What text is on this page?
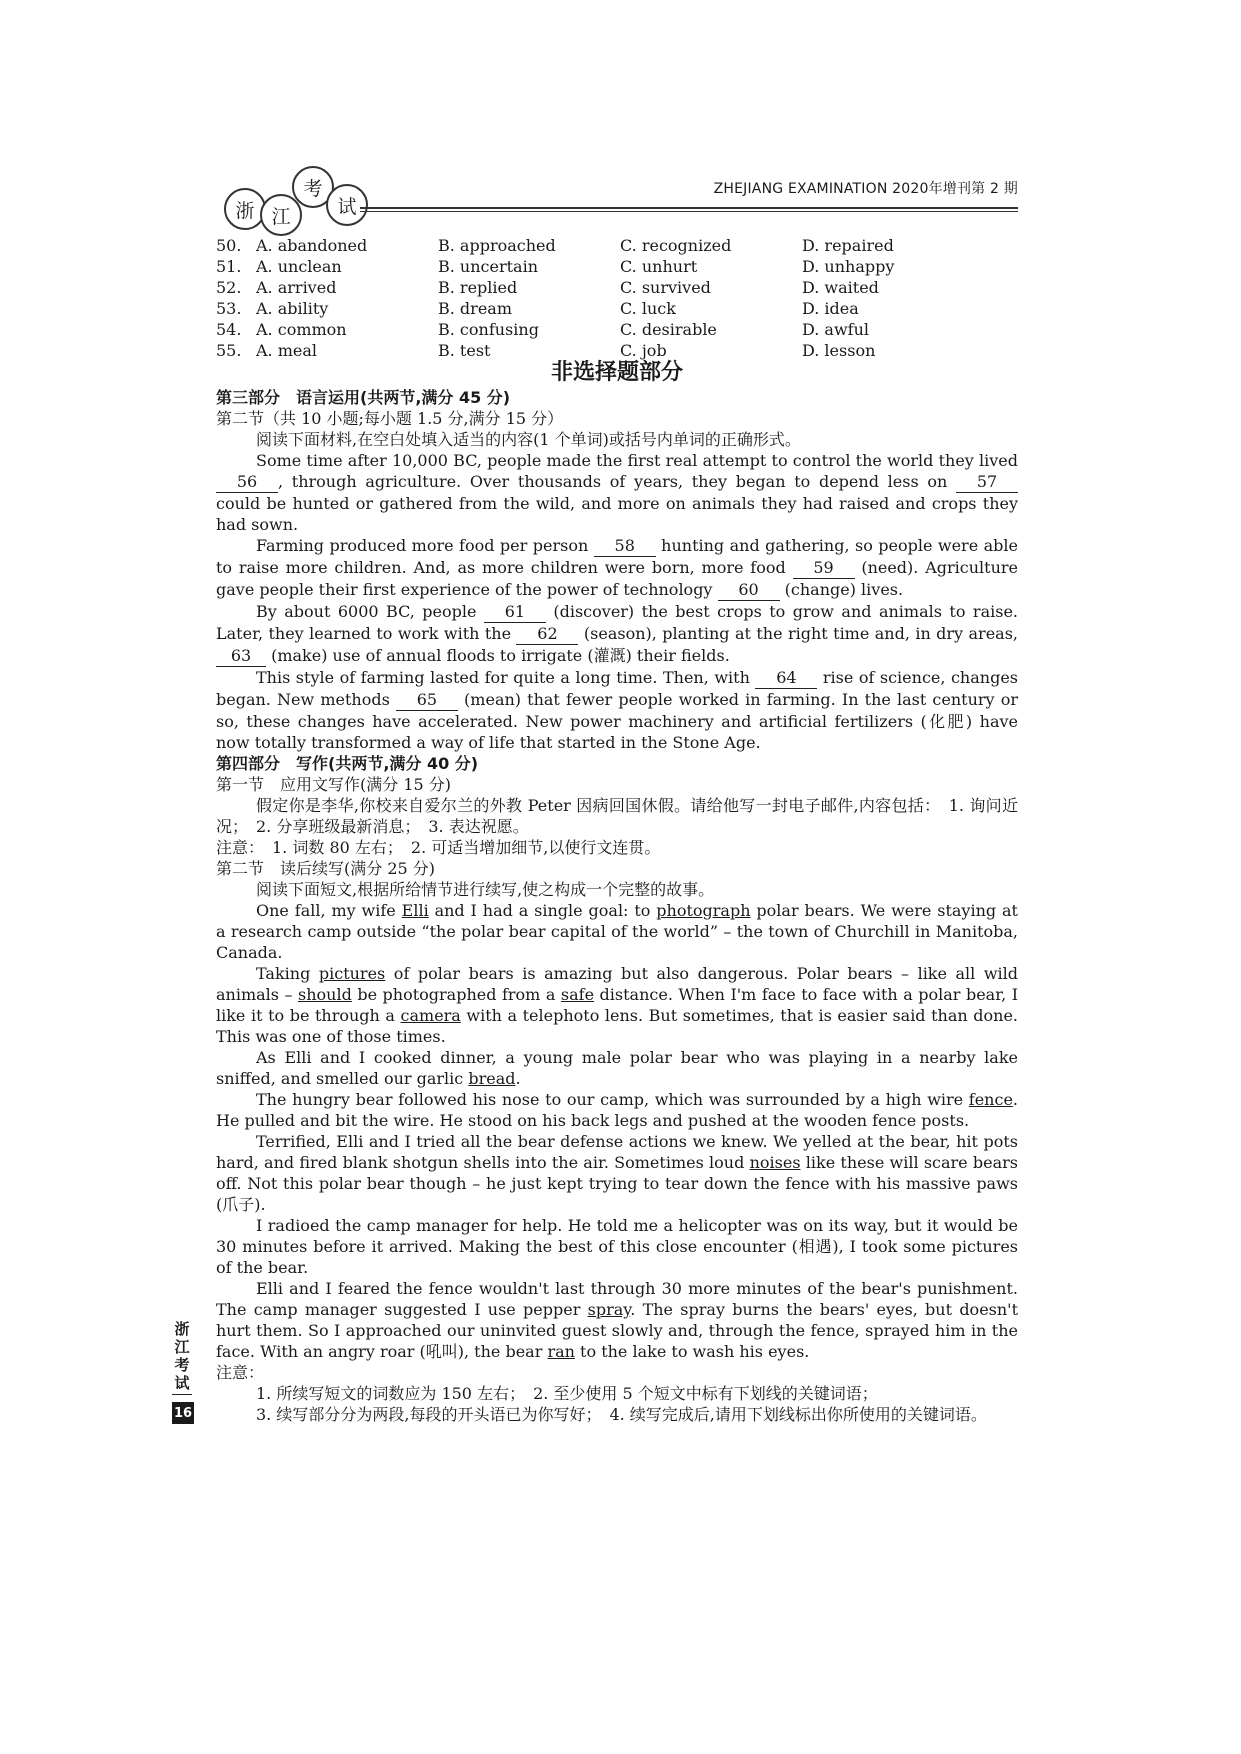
浙 江
考
试
ZHEJIANG EXAMINATION 2020年增刊第 2 期
50. A. abandoned	B. approached	C. recognized	D. repaired
51. A. unclean	B. uncertain	C. unhurt	D. unhappy
52. A. arrived	B. replied	C. survived	D. waited
53. A. ability	B. dream	C. luck	D. idea
54. A. common	B. confusing	C. desirable	D. awful
55. A. meal	B. test	C. job	D. lesson
非选择题部分
第三部分　语言运用(共两节,满分 45 分)
第二节（共 10 小题;每小题 1.5 分,满分 15 分）

阅读下面材料,在空白处填入适当的内容(1 个单词)或括号内单词的正确形式。

Some time after 10,000 BC, people made the first real attempt to control the world they lived 56 , through agriculture. Over thousands of years, they began to depend less on 57 could be hunted or gathered from the wild, and more on animals they had raised and crops they had sown.

Farming produced more food per person 58 hunting and gathering, so people were able to raise more children. And, as more children were born, more food 59 (need). Agriculture gave people their first experience of the power of technology 60 (change) lives.

By about 6000 BC, people 61 (discover) the best crops to grow and animals to raise. Later, they learned to work with the 62 (season), planting at the right time and, in dry areas, 63 (make) use of annual floods to irrigate (灌溉) their fields.

This style of farming lasted for quite a long time. Then, with 64 rise of science, changes began. New methods 65 (mean) that fewer people worked in farming. In the last century or so, these changes have accelerated. New power machinery and artificial fertilizers (化肥) have now totally transformed a way of life that started in the Stone Age.

第四部分　写作(共两节,满分 40 分)
第一节　应用文写作(满分 15 分)

假定你是李华,你校来自爱尔兰的外教 Peter 因病回国休假。请给他写一封电子邮件,内容包括：　1. 询问近况；　2. 分享班级最新消息；　3. 表达祝愿。

注意：　1. 词数 80 左右；　2. 可适当增加细节,以使行文连贯。

第二节　读后续写(满分 25 分)

阅读下面短文,根据所给情节进行续写,使之构成一个完整的故事。

One fall, my wife Elli and I had a single goal: to photograph polar bears. We were staying at a research camp outside “the polar bear capital of the world” – the town of Churchill in Manitoba, Canada.

Taking pictures of polar bears is amazing but also dangerous. Polar bears – like all wild animals – should be photographed from a safe distance. When I'm face to face with a polar bear, I like it to be through a camera with a telephoto lens. But sometimes, that is easier said than done. This was one of those times.

As Elli and I cooked dinner, a young male polar bear who was playing in a nearby lake sniffed, and smelled our garlic bread.

The hungry bear followed his nose to our camp, which was surrounded by a high wire fence. He pulled and bit the wire. He stood on his back legs and pushed at the wooden fence posts.

Terrified, Elli and I tried all the bear defense actions we knew. We yelled at the bear, hit pots hard, and fired blank shotgun shells into the air. Sometimes loud noises like these will scare bears off. Not this polar bear though – he just kept trying to tear down the fence with his massive paws (爪子).

I radioed the camp manager for help. He told me a helicopter was on its way, but it would be 30 minutes before it arrived. Making the best of this close encounter (相遇), I took some pictures of the bear.

Elli and I feared the fence wouldn't last through 30 more minutes of the bear's punishment. The camp manager suggested I use pepper spray. The spray burns the bears' eyes, but doesn't hurt them. So I approached our uninvited guest slowly and, through the fence, sprayed him in the face. With an angry roar (吼叫), the bear ran to the lake to wash his eyes.

注意：

1. 所续写短文的词数应为 150 左右；　2. 至少使用 5 个短文中标有下划线的关键词语；

3. 续写部分分为两段,每段的开头语已为你写好；　4. 续写完成后,请用下划线标出你所使用的关键词语。

浙江考试
16
